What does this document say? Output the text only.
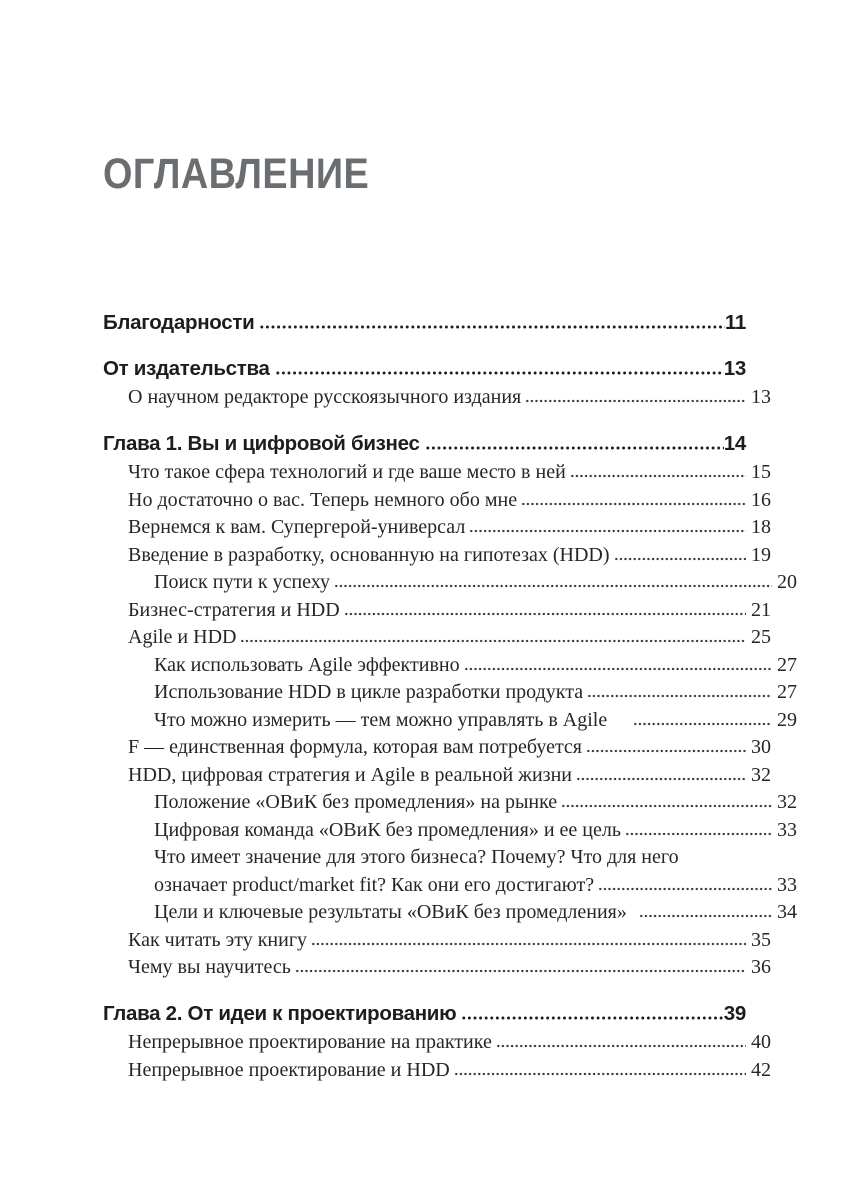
ОГЛАВЛЕНИЕ
Благодарности	11
От издательства	13
О научном редакторе русскоязычного издания	13
Глава 1. Вы и цифровой бизнес	14
Что такое сфера технологий и где ваше место в ней	15
Но достаточно о вас. Теперь немного обо мне	16
Вернемся к вам. Супергерой-универсал	18
Введение в разработку, основанную на гипотезах (HDD)	19
Поиск пути к успеху	20
Бизнес-стратегия и HDD	21
Agile и HDD	25
Как использовать Agile эффективно	27
Использование HDD в цикле разработки продукта	27
Что можно измерить — тем можно управлять в Agile	29
F — единственная формула, которая вам потребуется	30
HDD, цифровая стратегия и Agile в реальной жизни	32
Положение «ОВиК без промедления» на рынке	32
Цифровая команда «ОВиК без промедления» и ее цель	33
Что имеет значение для этого бизнеса? Почему? Что для него
означает product/market fit? Как они его достигают?	33
Цели и ключевые результаты «ОВиК без промедления»	34
Как читать эту книгу	35
Чему вы научитесь	36
Глава 2. От идеи к проектированию	39
Непрерывное проектирование на практике	40
Непрерывное проектирование и HDD	42
